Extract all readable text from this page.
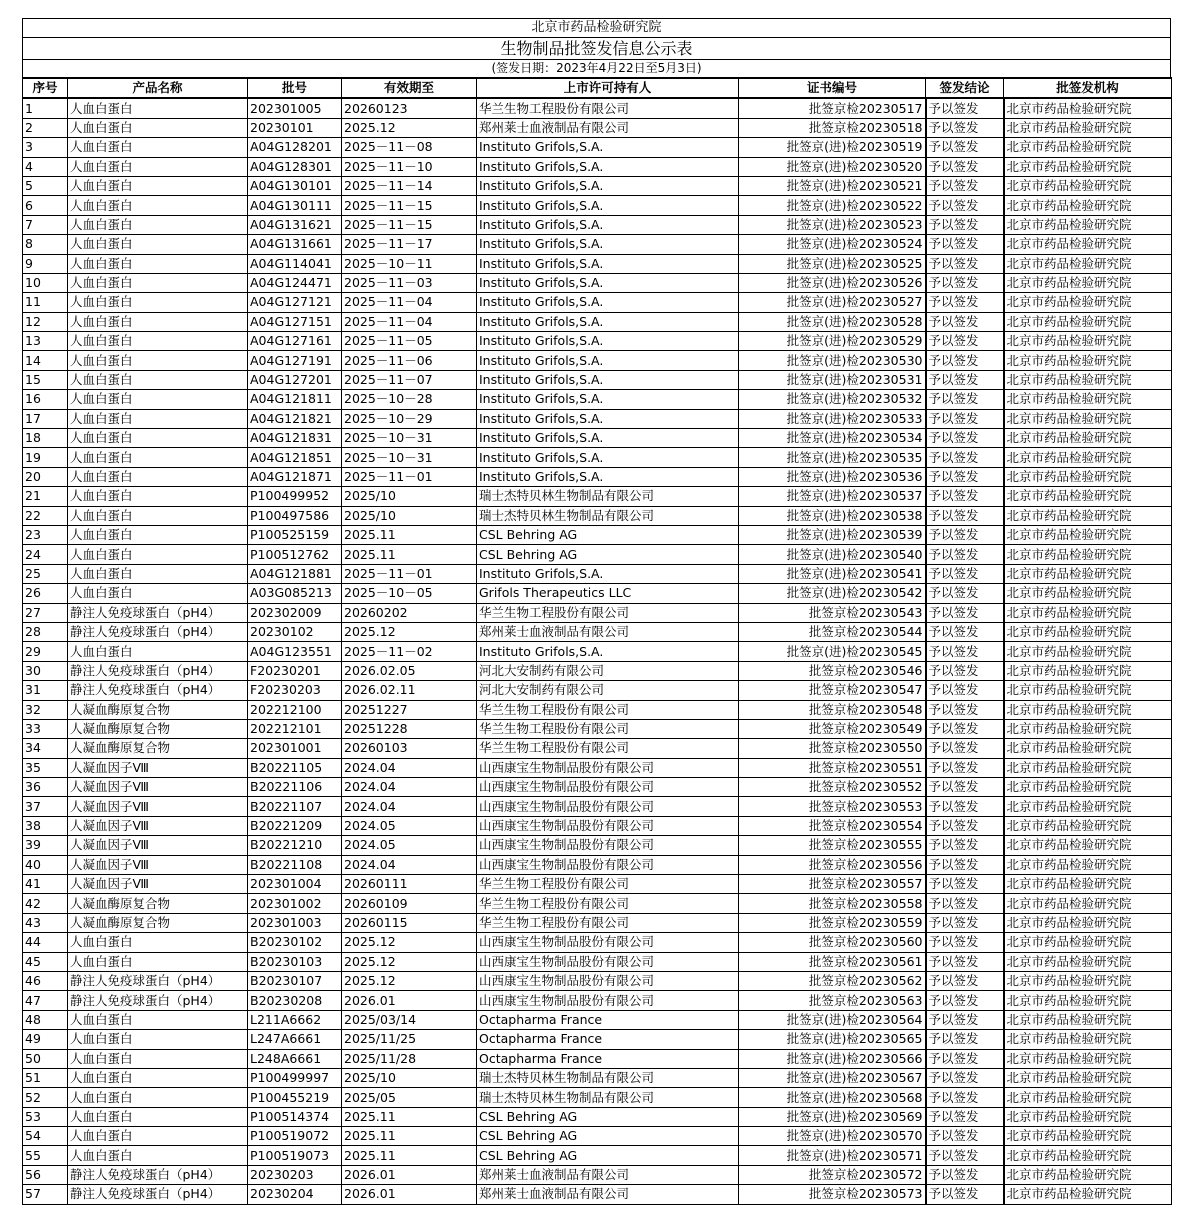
北京市药品检验研究院
生物制品批签发信息公示表
(签发日期：2023年4月22日至5月3日)
序号	产品名称	批号	有效期至	上市许可持有人	证书编号	签发结论	批签发机构
1	人血白蛋白	202301005	20260123	华兰生物工程股份有限公司	批签京检20230517	予以签发	北京市药品检验研究院
2	人血白蛋白	20230101	2025.12	郑州莱士血液制品有限公司	批签京检20230518	予以签发	北京市药品检验研究院
3	人血白蛋白	A04G128201	2025－11－08	Instituto Grifols,S.A.	批签京(进)检20230519	予以签发	北京市药品检验研究院
4	人血白蛋白	A04G128301	2025－11－10	Instituto Grifols,S.A.	批签京(进)检20230520	予以签发	北京市药品检验研究院
5	人血白蛋白	A04G130101	2025－11－14	Instituto Grifols,S.A.	批签京(进)检20230521	予以签发	北京市药品检验研究院
6	人血白蛋白	A04G130111	2025－11－15	Instituto Grifols,S.A.	批签京(进)检20230522	予以签发	北京市药品检验研究院
7	人血白蛋白	A04G131621	2025－11－15	Instituto Grifols,S.A.	批签京(进)检20230523	予以签发	北京市药品检验研究院
8	人血白蛋白	A04G131661	2025－11－17	Instituto Grifols,S.A.	批签京(进)检20230524	予以签发	北京市药品检验研究院
9	人血白蛋白	A04G114041	2025－10－11	Instituto Grifols,S.A.	批签京(进)检20230525	予以签发	北京市药品检验研究院
10	人血白蛋白	A04G124471	2025－11－03	Instituto Grifols,S.A.	批签京(进)检20230526	予以签发	北京市药品检验研究院
11	人血白蛋白	A04G127121	2025－11－04	Instituto Grifols,S.A.	批签京(进)检20230527	予以签发	北京市药品检验研究院
12	人血白蛋白	A04G127151	2025－11－04	Instituto Grifols,S.A.	批签京(进)检20230528	予以签发	北京市药品检验研究院
13	人血白蛋白	A04G127161	2025－11－05	Instituto Grifols,S.A.	批签京(进)检20230529	予以签发	北京市药品检验研究院
14	人血白蛋白	A04G127191	2025－11－06	Instituto Grifols,S.A.	批签京(进)检20230530	予以签发	北京市药品检验研究院
15	人血白蛋白	A04G127201	2025－11－07	Instituto Grifols,S.A.	批签京(进)检20230531	予以签发	北京市药品检验研究院
16	人血白蛋白	A04G121811	2025－10－28	Instituto Grifols,S.A.	批签京(进)检20230532	予以签发	北京市药品检验研究院
17	人血白蛋白	A04G121821	2025－10－29	Instituto Grifols,S.A.	批签京(进)检20230533	予以签发	北京市药品检验研究院
18	人血白蛋白	A04G121831	2025－10－31	Instituto Grifols,S.A.	批签京(进)检20230534	予以签发	北京市药品检验研究院
19	人血白蛋白	A04G121851	2025－10－31	Instituto Grifols,S.A.	批签京(进)检20230535	予以签发	北京市药品检验研究院
20	人血白蛋白	A04G121871	2025－11－01	Instituto Grifols,S.A.	批签京(进)检20230536	予以签发	北京市药品检验研究院
21	人血白蛋白	P100499952	2025/10	瑞士杰特贝林生物制品有限公司	批签京(进)检20230537	予以签发	北京市药品检验研究院
22	人血白蛋白	P100497586	2025/10	瑞士杰特贝林生物制品有限公司	批签京(进)检20230538	予以签发	北京市药品检验研究院
23	人血白蛋白	P100525159	2025.11	CSL Behring AG	批签京(进)检20230539	予以签发	北京市药品检验研究院
24	人血白蛋白	P100512762	2025.11	CSL Behring AG	批签京(进)检20230540	予以签发	北京市药品检验研究院
25	人血白蛋白	A04G121881	2025－11－01	Instituto Grifols,S.A.	批签京(进)检20230541	予以签发	北京市药品检验研究院
26	人血白蛋白	A03G085213	2025－10－05	Grifols Therapeutics LLC	批签京(进)检20230542	予以签发	北京市药品检验研究院
27	静注人免疫球蛋白（pH4）	202302009	20260202	华兰生物工程股份有限公司	批签京检20230543	予以签发	北京市药品检验研究院
28	静注人免疫球蛋白（pH4）	20230102	2025.12	郑州莱士血液制品有限公司	批签京检20230544	予以签发	北京市药品检验研究院
29	人血白蛋白	A04G123551	2025－11－02	Instituto Grifols,S.A.	批签京(进)检20230545	予以签发	北京市药品检验研究院
30	静注人免疫球蛋白（pH4）	F20230201	2026.02.05	河北大安制药有限公司	批签京检20230546	予以签发	北京市药品检验研究院
31	静注人免疫球蛋白（pH4）	F20230203	2026.02.11	河北大安制药有限公司	批签京检20230547	予以签发	北京市药品检验研究院
32	人凝血酶原复合物	202212100	20251227	华兰生物工程股份有限公司	批签京检20230548	予以签发	北京市药品检验研究院
33	人凝血酶原复合物	202212101	20251228	华兰生物工程股份有限公司	批签京检20230549	予以签发	北京市药品检验研究院
34	人凝血酶原复合物	202301001	20260103	华兰生物工程股份有限公司	批签京检20230550	予以签发	北京市药品检验研究院
35	人凝血因子Ⅷ	B20221105	2024.04	山西康宝生物制品股份有限公司	批签京检20230551	予以签发	北京市药品检验研究院
36	人凝血因子Ⅷ	B20221106	2024.04	山西康宝生物制品股份有限公司	批签京检20230552	予以签发	北京市药品检验研究院
37	人凝血因子Ⅷ	B20221107	2024.04	山西康宝生物制品股份有限公司	批签京检20230553	予以签发	北京市药品检验研究院
38	人凝血因子Ⅷ	B20221209	2024.05	山西康宝生物制品股份有限公司	批签京检20230554	予以签发	北京市药品检验研究院
39	人凝血因子Ⅷ	B20221210	2024.05	山西康宝生物制品股份有限公司	批签京检20230555	予以签发	北京市药品检验研究院
40	人凝血因子Ⅷ	B20221108	2024.04	山西康宝生物制品股份有限公司	批签京检20230556	予以签发	北京市药品检验研究院
41	人凝血因子Ⅷ	202301004	20260111	华兰生物工程股份有限公司	批签京检20230557	予以签发	北京市药品检验研究院
42	人凝血酶原复合物	202301002	20260109	华兰生物工程股份有限公司	批签京检20230558	予以签发	北京市药品检验研究院
43	人凝血酶原复合物	202301003	20260115	华兰生物工程股份有限公司	批签京检20230559	予以签发	北京市药品检验研究院
44	人血白蛋白	B20230102	2025.12	山西康宝生物制品股份有限公司	批签京检20230560	予以签发	北京市药品检验研究院
45	人血白蛋白	B20230103	2025.12	山西康宝生物制品股份有限公司	批签京检20230561	予以签发	北京市药品检验研究院
46	静注人免疫球蛋白（pH4）	B20230107	2025.12	山西康宝生物制品股份有限公司	批签京检20230562	予以签发	北京市药品检验研究院
47	静注人免疫球蛋白（pH4）	B20230208	2026.01	山西康宝生物制品股份有限公司	批签京检20230563	予以签发	北京市药品检验研究院
48	人血白蛋白	L211A6662	2025/03/14	Octapharma France	批签京(进)检20230564	予以签发	北京市药品检验研究院
49	人血白蛋白	L247A6661	2025/11/25	Octapharma France	批签京(进)检20230565	予以签发	北京市药品检验研究院
50	人血白蛋白	L248A6661	2025/11/28	Octapharma France	批签京(进)检20230566	予以签发	北京市药品检验研究院
51	人血白蛋白	P100499997	2025/10	瑞士杰特贝林生物制品有限公司	批签京(进)检20230567	予以签发	北京市药品检验研究院
52	人血白蛋白	P100455219	2025/05	瑞士杰特贝林生物制品有限公司	批签京(进)检20230568	予以签发	北京市药品检验研究院
53	人血白蛋白	P100514374	2025.11	CSL Behring AG	批签京(进)检20230569	予以签发	北京市药品检验研究院
54	人血白蛋白	P100519072	2025.11	CSL Behring AG	批签京(进)检20230570	予以签发	北京市药品检验研究院
55	人血白蛋白	P100519073	2025.11	CSL Behring AG	批签京(进)检20230571	予以签发	北京市药品检验研究院
56	静注人免疫球蛋白（pH4）	20230203	2026.01	郑州莱士血液制品有限公司	批签京检20230572	予以签发	北京市药品检验研究院
57	静注人免疫球蛋白（pH4）	20230204	2026.01	郑州莱士血液制品有限公司	批签京检20230573	予以签发	北京市药品检验研究院
